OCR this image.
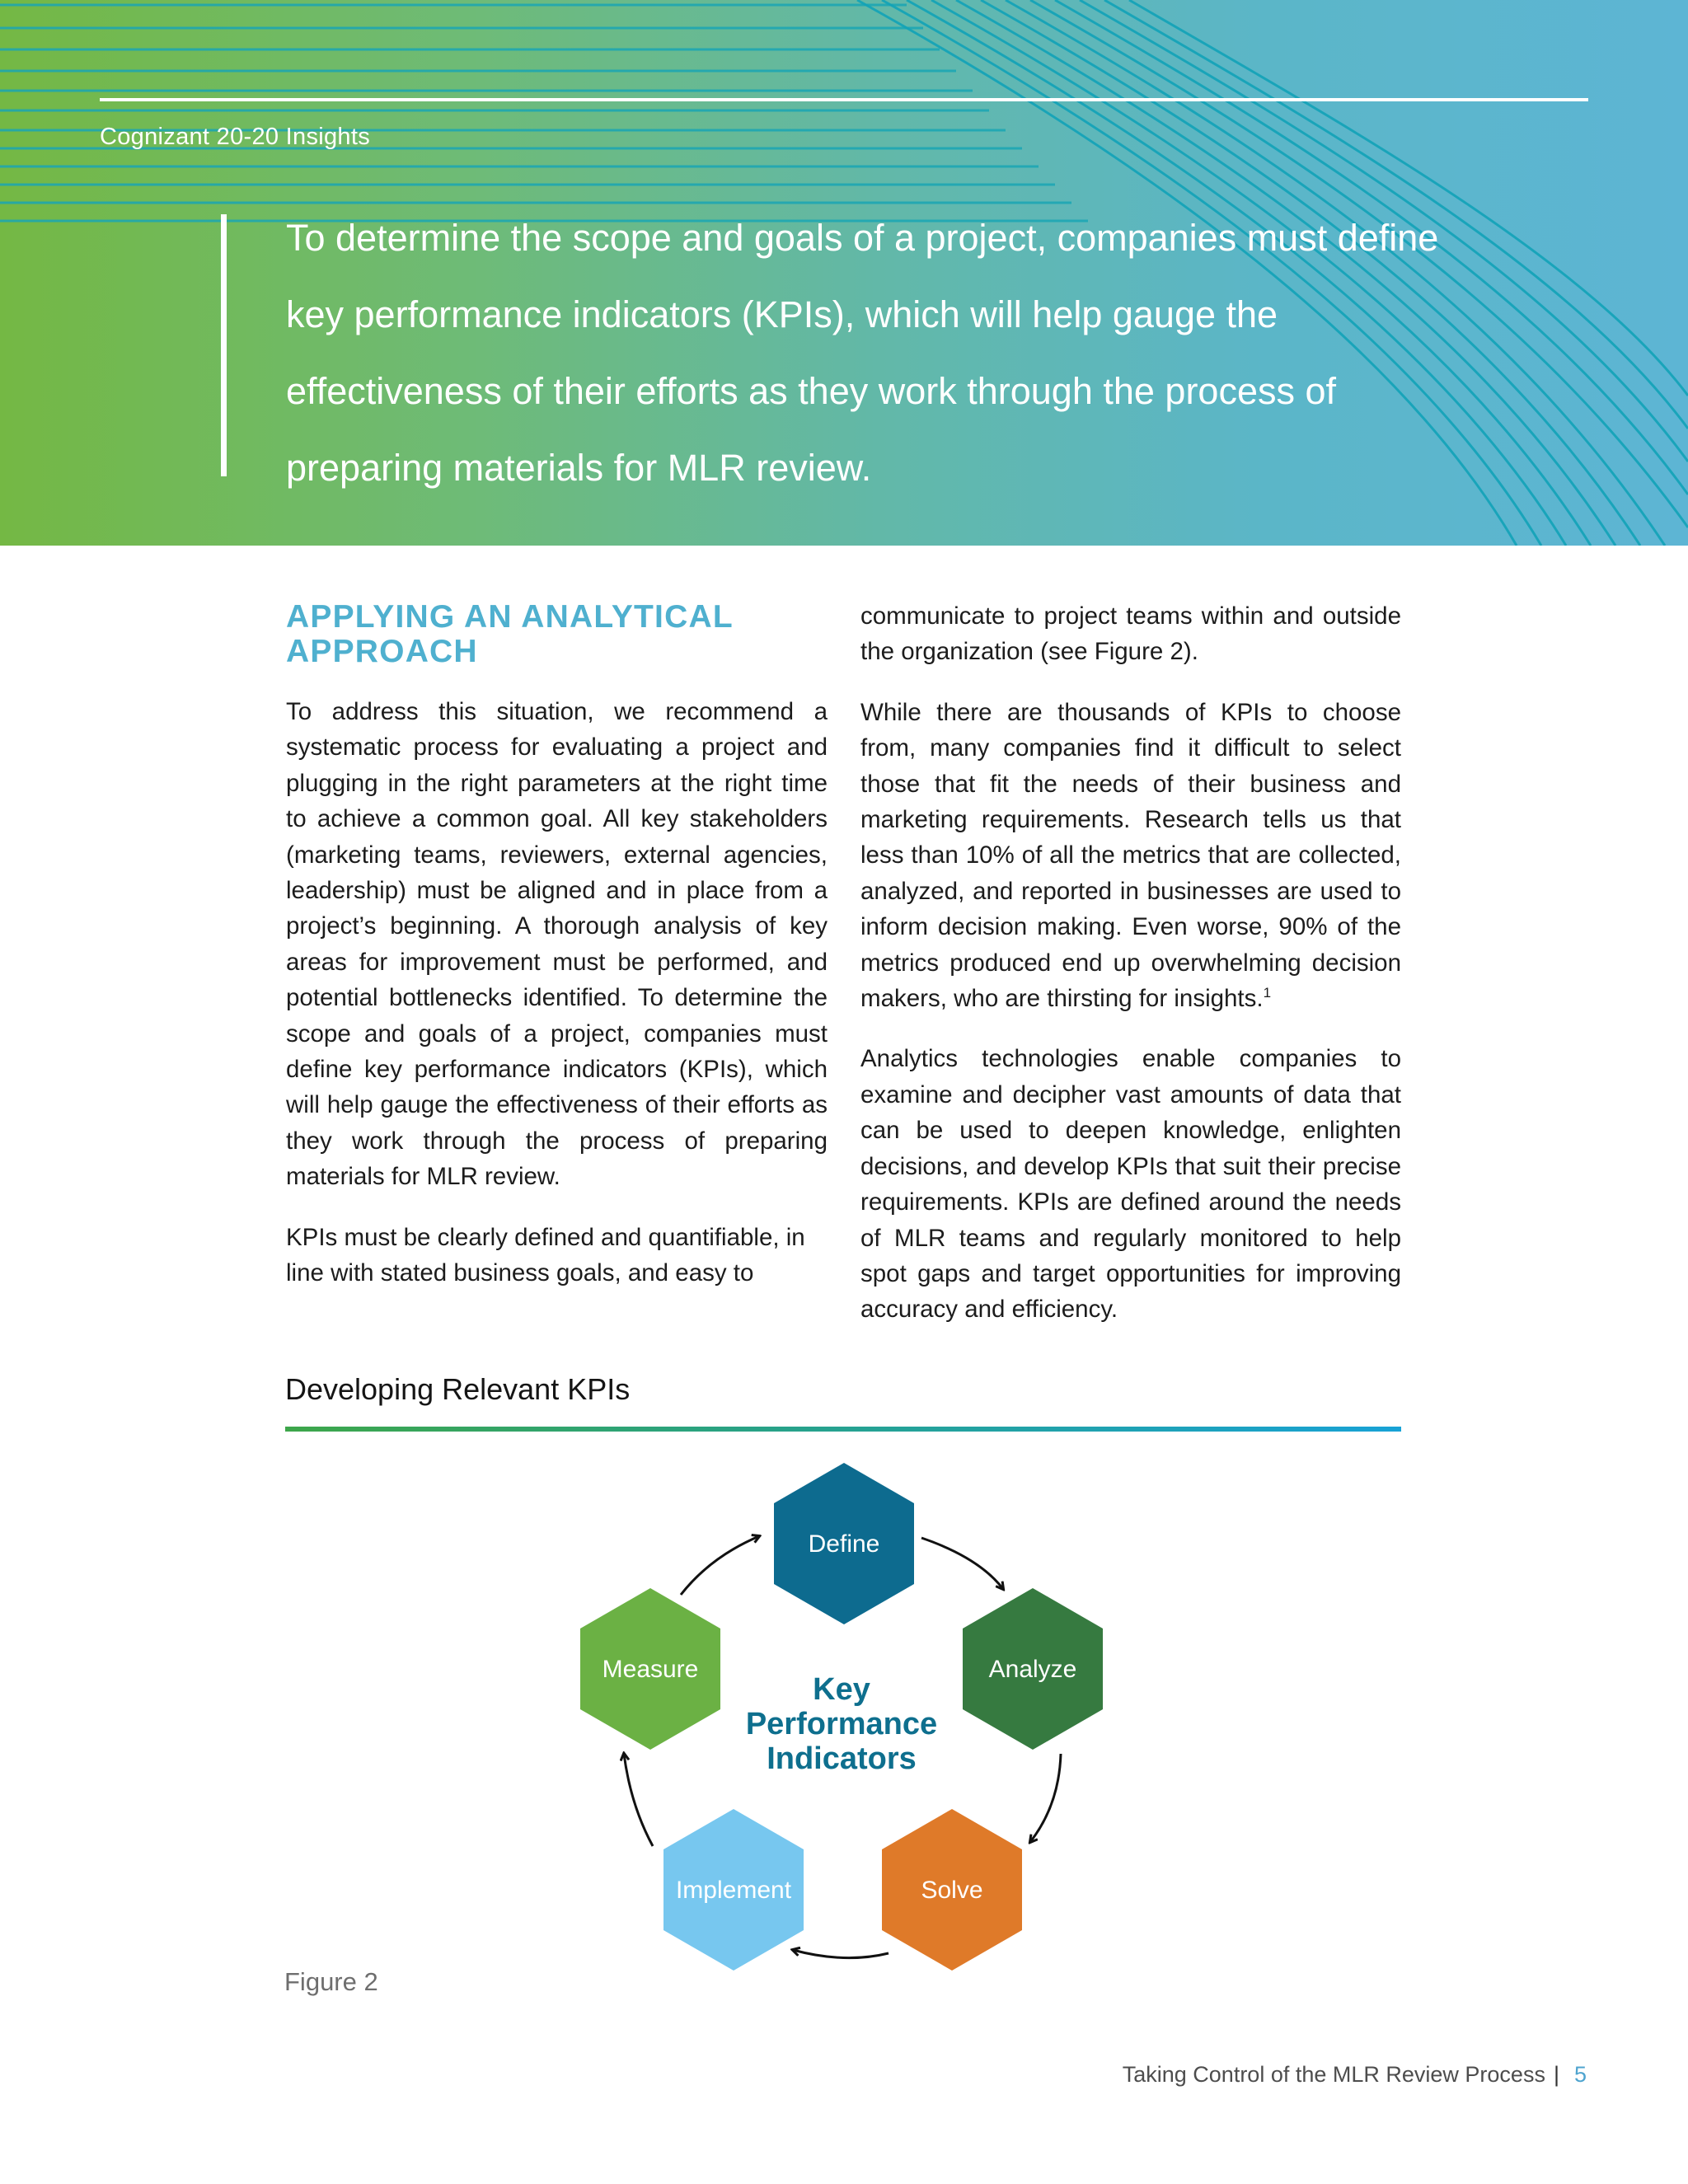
Cognizant 20-20 Insights
To determine the scope and goals of a project, companies must define key performance indicators (KPIs), which will help gauge the effectiveness of their efforts as they work through the process of preparing materials for MLR review.
APPLYING AN ANALYTICAL APPROACH

To address this situation, we recommend a systematic process for evaluating a project and plugging in the right parameters at the right time to achieve a common goal. All key stakeholders (marketing teams, reviewers, external agencies, leadership) must be aligned and in place from a project’s beginning. A thorough analysis of key areas for improvement must be performed, and potential bottlenecks identified. To determine the scope and goals of a project, companies must define key performance indicators (KPIs), which will help gauge the effectiveness of their efforts as they work through the process of preparing materials for MLR review.

KPIs must be clearly defined and quantifiable, in line with stated business goals, and easy to

communicate to project teams within and outside the organization (see Figure 2).

While there are thousands of KPIs to choose from, many companies find it difficult to select those that fit the needs of their business and marketing requirements. Research tells us that less than 10% of all the metrics that are collected, analyzed, and reported in businesses are used to inform decision making. Even worse, 90% of the metrics produced end up overwhelming decision makers, who are thirsting for insights.$^1$

Analytics technologies enable companies to examine and decipher vast amounts of data that can be used to deepen knowledge, enlighten decisions, and develop KPIs that suit their precise requirements. KPIs are defined around the needs of MLR teams and regularly monitored to help spot gaps and target opportunities for improving accuracy and efficiency.

Developing Relevant KPIs
Define
Analyze
Solve
Implement
Measure
Key
Performance
Indicators
Figure 2
Taking Control of the MLR Review Process | 5
